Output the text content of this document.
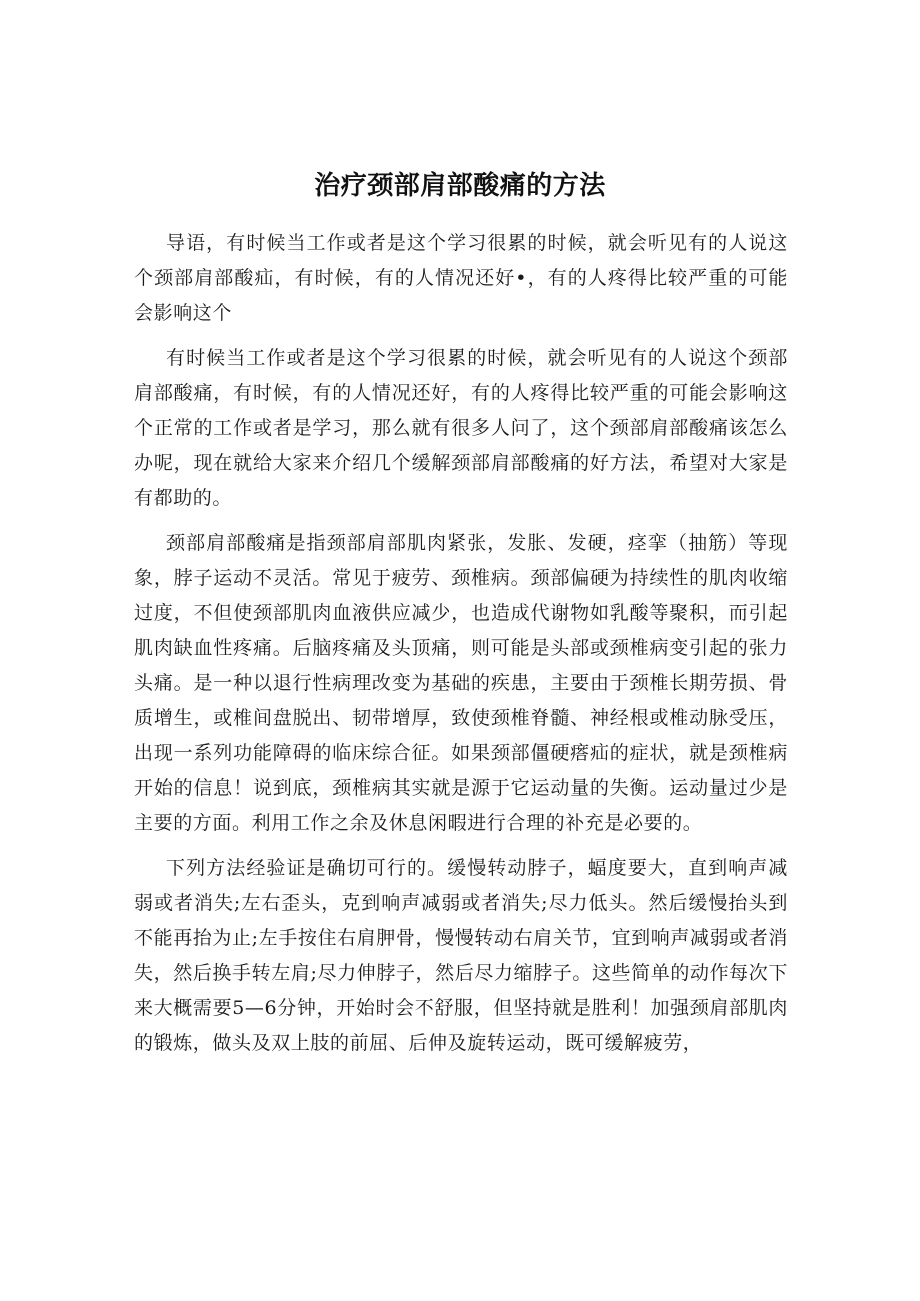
治疗颈部肩部酸痛的方法

导语，有时候当工作或者是这个学习很累的时候，就会听见有的人说这个颈部肩部酸疝，有时候，有的人情况还好•，有的人疼得比较严重的可能会影响这个

有时候当工作或者是这个学习很累的时候，就会听见有的人说这个颈部肩部酸痛，有时候，有的人情况还好，有的人疼得比较严重的可能会影响这个正常的工作或者是学习，那么就有很多人问了，这个颈部肩部酸痛该怎么办呢，现在就给大家来介绍几个缓解颈部肩部酸痛的好方法，希望对大家是有都助的。

颈部肩部酸痛是指颈部肩部肌肉紧张，发胀、发硬，痉挛（抽筋）等现象，脖子运动不灵活。常见于疲劳、颈椎病。颈部偏硬为持续性的肌肉收缩过度，不但使颈部肌肉血液供应减少，也造成代谢物如乳酸等聚积，而引起肌肉缺血性疼痛。后脑疼痛及头顶痛，则可能是头部或颈椎病变引起的张力头痛。是一种以退行性病理改变为基础的疾患，主要由于颈椎长期劳损、骨质增生，或椎间盘脱出、韧带增厚，致使颈椎脊髓、神经根或椎动脉受压，出现一系列功能障碍的临床综合征。如果颈部僵硬瘩疝的症状，就是颈椎病开始的信息！说到底，颈椎病其实就是源于它运动量的失衡。运动量过少是主要的方面。利用工作之余及休息闲暇进行合理的补充是必要的。

下列方法经验证是确切可行的。缓慢转动脖子，蝠度要大，直到响声减弱或者消失;左右歪头，克到响声减弱或者消失;尽力低头。然后缓慢抬头到不能再抬为止;左手按住右肩胛骨，慢慢转动右肩关节，宜到响声减弱或者消失，然后换手转左肩;尽力伸脖子，然后尽力缩脖子。这些简单的动作每次下来大概需要5—6分钟，开始时会不舒服，但坚持就是胜利！加强颈肩部肌肉的锻炼，做头及双上肢的前屈、后伸及旋转运动，既可缓解疲劳，
